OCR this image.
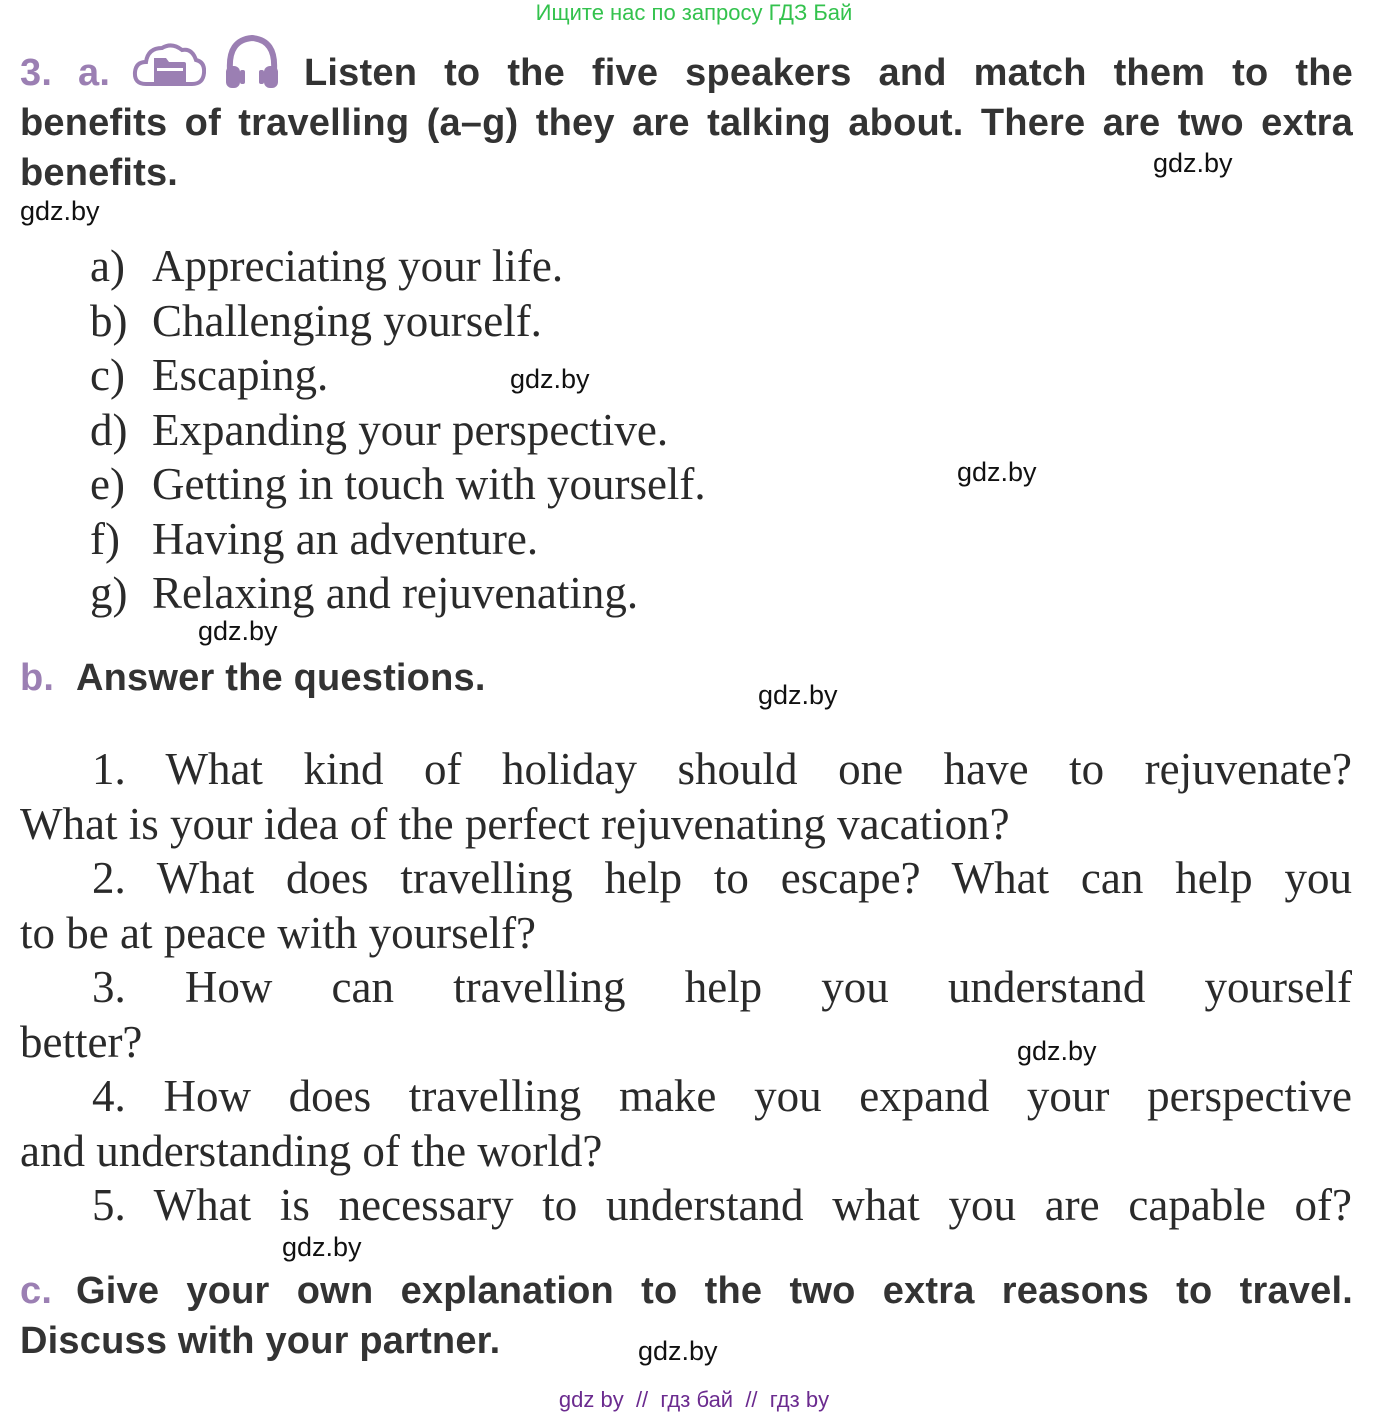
Ищите нас по запросу ГДЗ Бай
3. a.	Listen to the five speakers and match them to the
benefits of travelling (a–g) they are talking about. There are two extra
benefits.
a) Appreciating your life.
b) Challenging yourself.
c) Escaping.
d) Expanding your perspective.
e) Getting in touch with yourself.
f) Having an adventure.
g) Relaxing and rejuvenating.
b. Answer the questions.
1. What kind of holiday should one have to rejuvenate?
What is your idea of the perfect rejuvenating vacation?
2. What does travelling help to escape? What can help you
to be at peace with yourself?
3. How can travelling help you understand yourself
better?
4. How does travelling make you expand your perspective
and understanding of the world?
5. What is necessary to understand what you are capable of?
c. Give your own explanation to the two extra reasons to travel.
Discuss with your partner.
gdz.by
gdz.by
gdz.by
gdz.by
gdz.by
gdz.by
gdz.by
gdz.by
gdz.by
gdz by  //  гдз бай  //  гдз by
